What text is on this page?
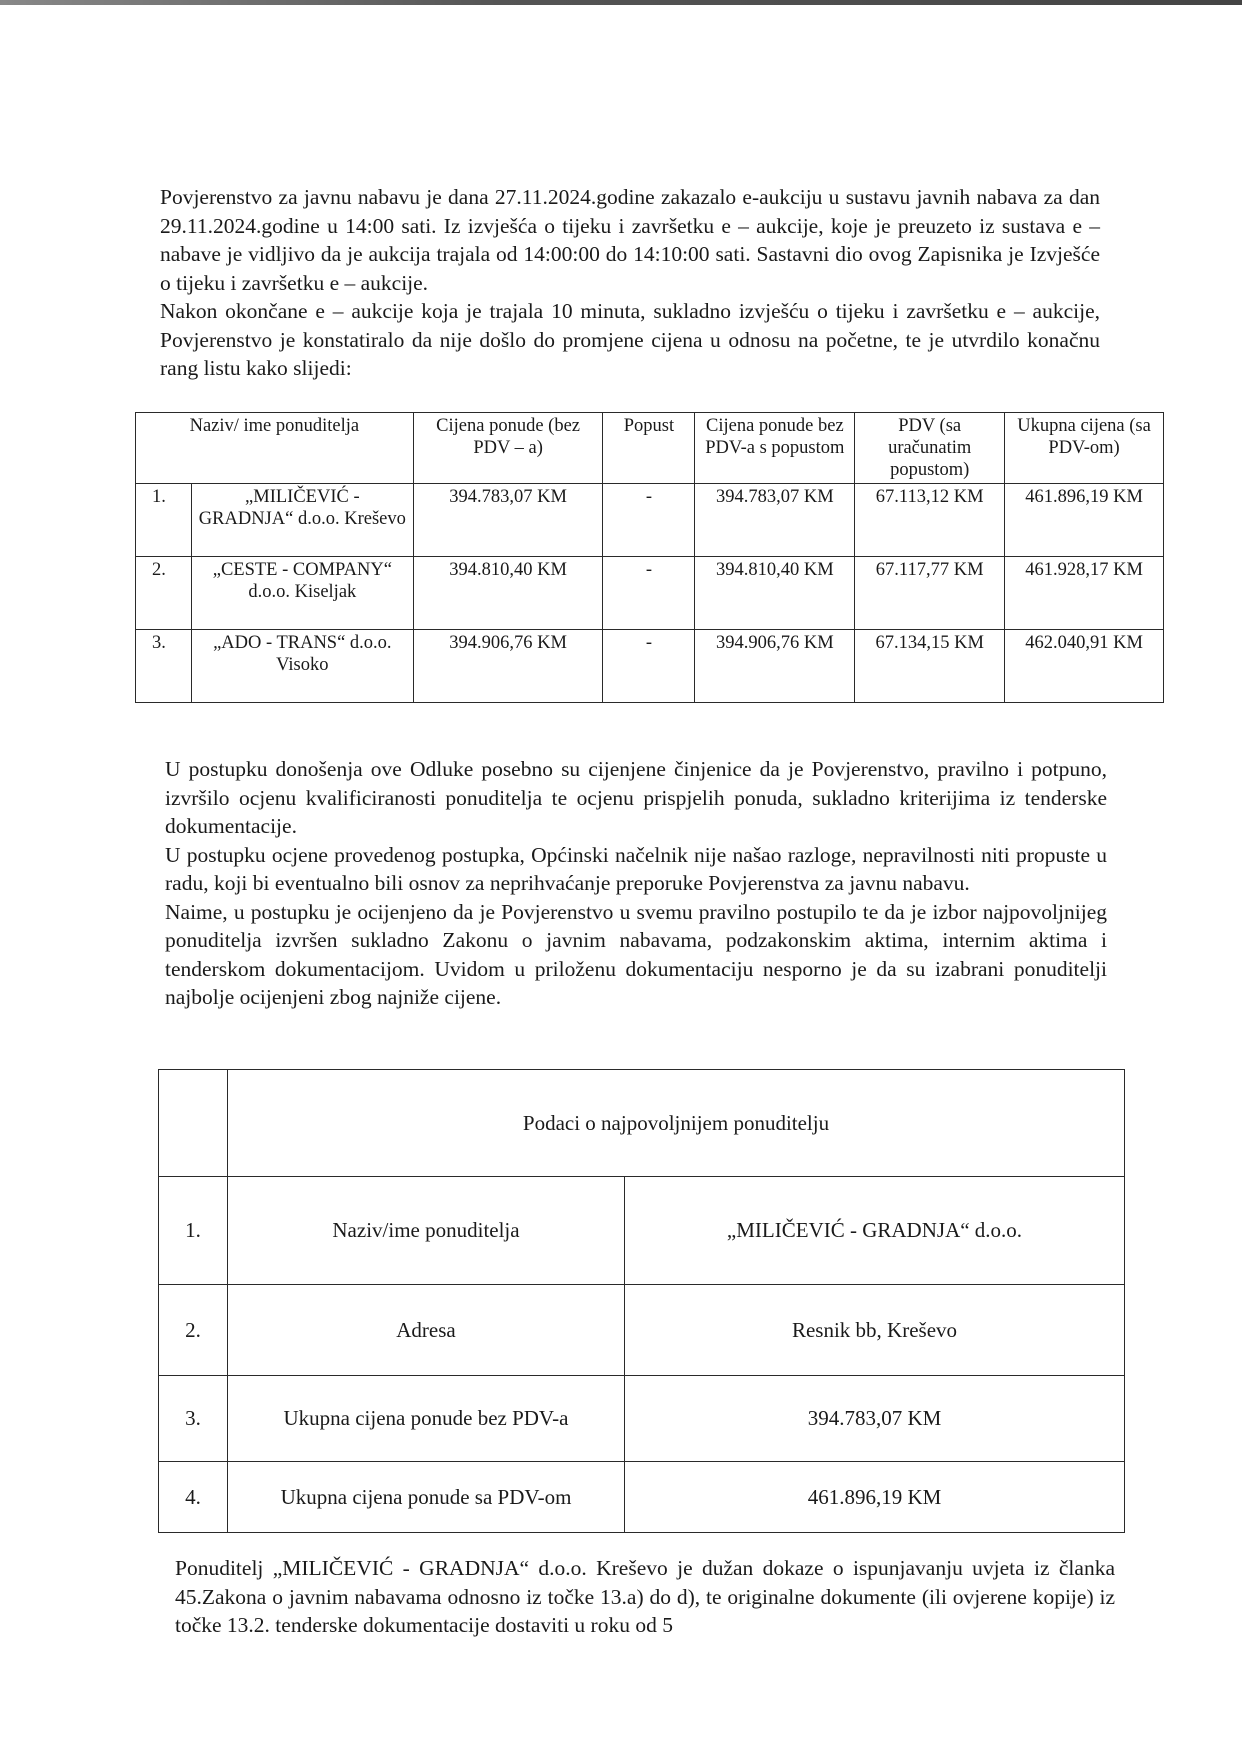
Povjerenstvo za javnu nabavu je dana 27.11.2024.godine zakazalo e-aukciju u sustavu javnih nabava za dan 29.11.2024.godine u 14:00 sati. Iz izvješća o tijeku i završetku e – aukcije, koje je preuzeto iz sustava e – nabave je vidljivo da je aukcija trajala od 14:00:00 do 14:10:00 sati. Sastavni dio ovog Zapisnika je Izvješće o tijeku i završetku e – aukcije.

Nakon okončane e – aukcije koja je trajala 10 minuta, sukladno izvješću o tijeku i završetku e – aukcije, Povjerenstvo je konstatiralo da nije došlo do promjene cijena u odnosu na početne, te je utvrdilo konačnu rang listu kako slijedi:

Naziv/ ime ponuditelja		Cijena ponude (bez PDV – a)	Popust	Cijena ponude bez PDV-a s popustom	PDV (sa uračunatim popustom)	Ukupna cijena (sa PDV-om)
1.	„MILIČEVIĆ - GRADNJA“ d.o.o. Kreševo	394.783,07 KM	-	394.783,07 KM	67.113,12 KM	461.896,19 KM
2.	„CESTE - COMPANY“ d.o.o. Kiseljak	394.810,40 KM	-	394.810,40 KM	67.117,77 KM	461.928,17 KM
3.	„ADO - TRANS“ d.o.o. Visoko	394.906,76 KM	-	394.906,76 KM	67.134,15 KM	462.040,91 KM

U postupku donošenja ove Odluke posebno su cijenjene činjenice da je Povjerenstvo, pravilno i potpuno, izvršilo ocjenu kvalificiranosti ponuditelja te ocjenu prispjelih ponuda, sukladno kriterijima iz tenderske dokumentacije.

U postupku ocjene provedenog postupka, Općinski načelnik nije našao razloge, nepravilnosti niti propuste u radu, koji bi eventualno bili osnov za neprihvaćanje preporuke Povjerenstva za javnu nabavu.

Naime, u postupku je ocijenjeno da je Povjerenstvo u svemu pravilno postupilo te da je izbor najpovoljnijeg ponuditelja izvršen sukladno Zakonu o javnim nabavama, podzakonskim aktima, internim aktima i tenderskom dokumentacijom. Uvidom u priloženu dokumentaciju nesporno je da su izabrani ponuditelji najbolje ocijenjeni zbog najniže cijene.

	Podaci o najpovoljnijem ponuditelju	
1.	Naziv/ime ponuditelja	„MILIČEVIĆ - GRADNJA“ d.o.o.
2.	Adresa	Resnik bb, Kreševo
3.	Ukupna cijena ponude bez PDV-a	394.783,07 KM
4.	Ukupna cijena ponude sa PDV-om	461.896,19 KM

Ponuditelj „MILIČEVIĆ - GRADNJA“ d.o.o. Kreševo je dužan dokaze o ispunjavanju uvjeta iz članka 45.Zakona o javnim nabavama odnosno iz točke 13.a) do d), te originalne dokumente (ili ovjerene kopije) iz točke 13.2. tenderske dokumentacije dostaviti u roku od 5
